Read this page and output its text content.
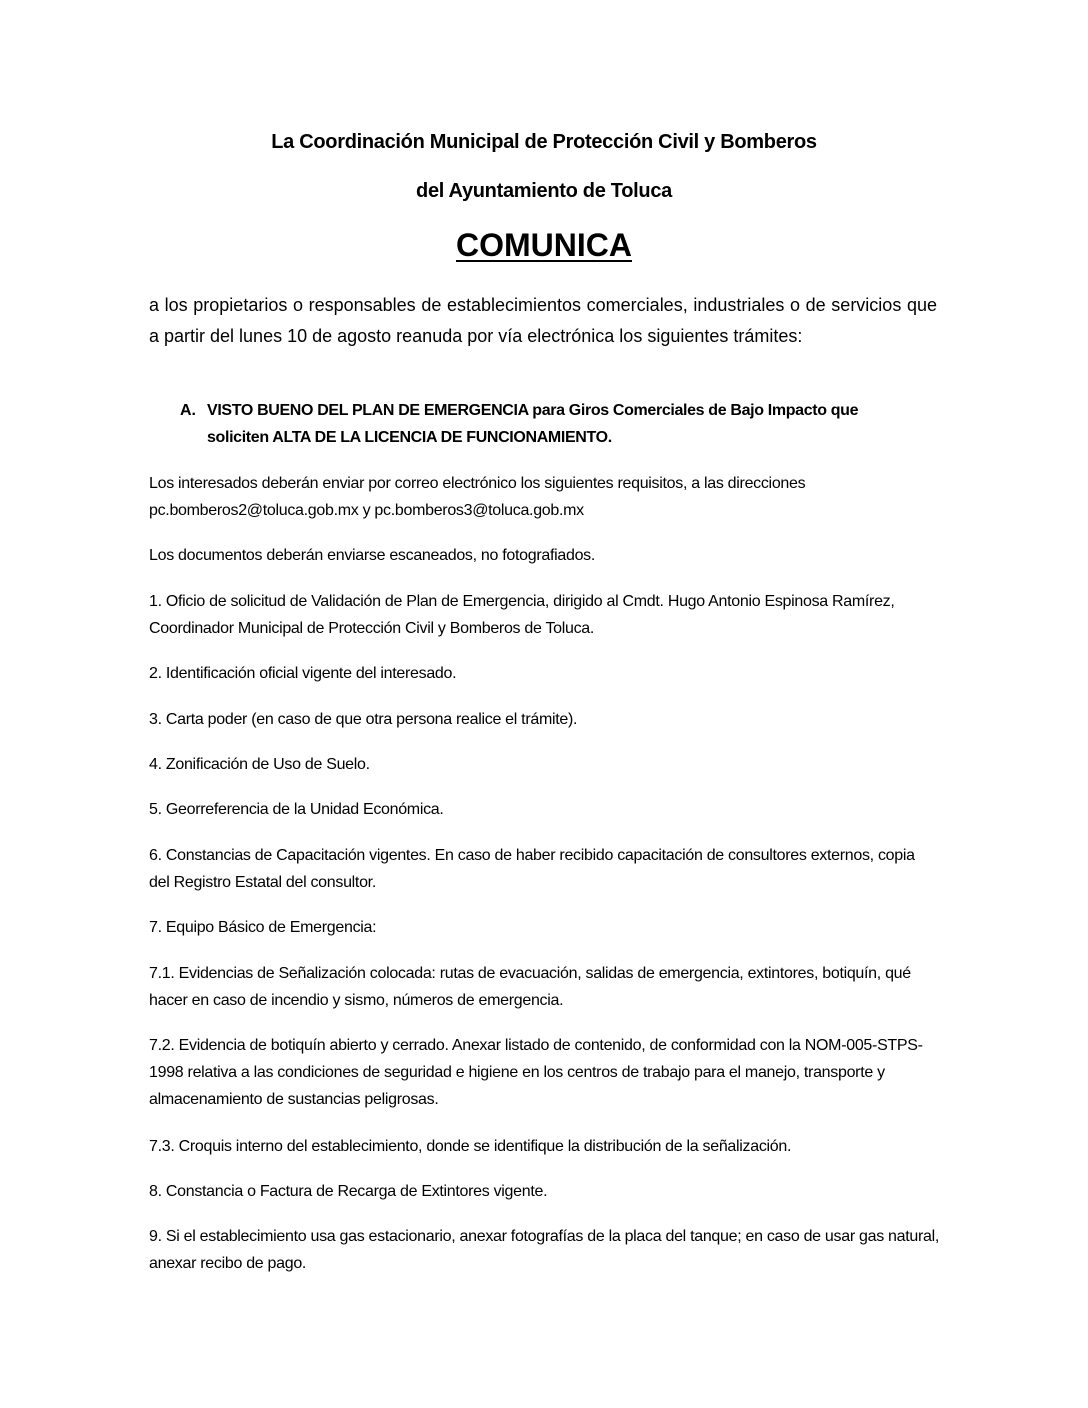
La Coordinación Municipal de Protección Civil y Bomberos
del Ayuntamiento de Toluca
COMUNICA
a los propietarios o responsables de establecimientos comerciales, industriales o de servicios que a partir del lunes 10 de agosto reanuda por vía electrónica los siguientes trámites:
A. VISTO BUENO DEL PLAN DE EMERGENCIA para Giros Comerciales de Bajo Impacto que soliciten ALTA DE LA LICENCIA DE FUNCIONAMIENTO.
Los interesados deberán enviar por correo electrónico los siguientes requisitos, a las direcciones pc.bomberos2@toluca.gob.mx y pc.bomberos3@toluca.gob.mx
Los documentos deberán enviarse escaneados, no fotografiados.
1. Oficio de solicitud de Validación de Plan de Emergencia, dirigido al Cmdt. Hugo Antonio Espinosa Ramírez, Coordinador Municipal de Protección Civil y Bomberos de Toluca.
2. Identificación oficial vigente del interesado.
3. Carta poder (en caso de que otra persona realice el trámite).
4. Zonificación de Uso de Suelo.
5. Georreferencia de la Unidad Económica.
6. Constancias de Capacitación vigentes. En caso de haber recibido capacitación de consultores externos, copia del Registro Estatal del consultor.
7. Equipo Básico de Emergencia:
7.1. Evidencias de Señalización colocada: rutas de evacuación, salidas de emergencia, extintores, botiquín, qué hacer en caso de incendio y sismo, números de emergencia.
7.2. Evidencia de botiquín abierto y cerrado. Anexar listado de contenido, de conformidad con la NOM-005-STPS-1998 relativa a las condiciones de seguridad e higiene en los centros de trabajo para el manejo, transporte y almacenamiento de sustancias peligrosas.
7.3. Croquis interno del establecimiento, donde se identifique la distribución de la señalización.
8. Constancia o Factura de Recarga de Extintores vigente.
9. Si el establecimiento usa gas estacionario, anexar fotografías de la placa del tanque; en caso de usar gas natural, anexar recibo de pago.
